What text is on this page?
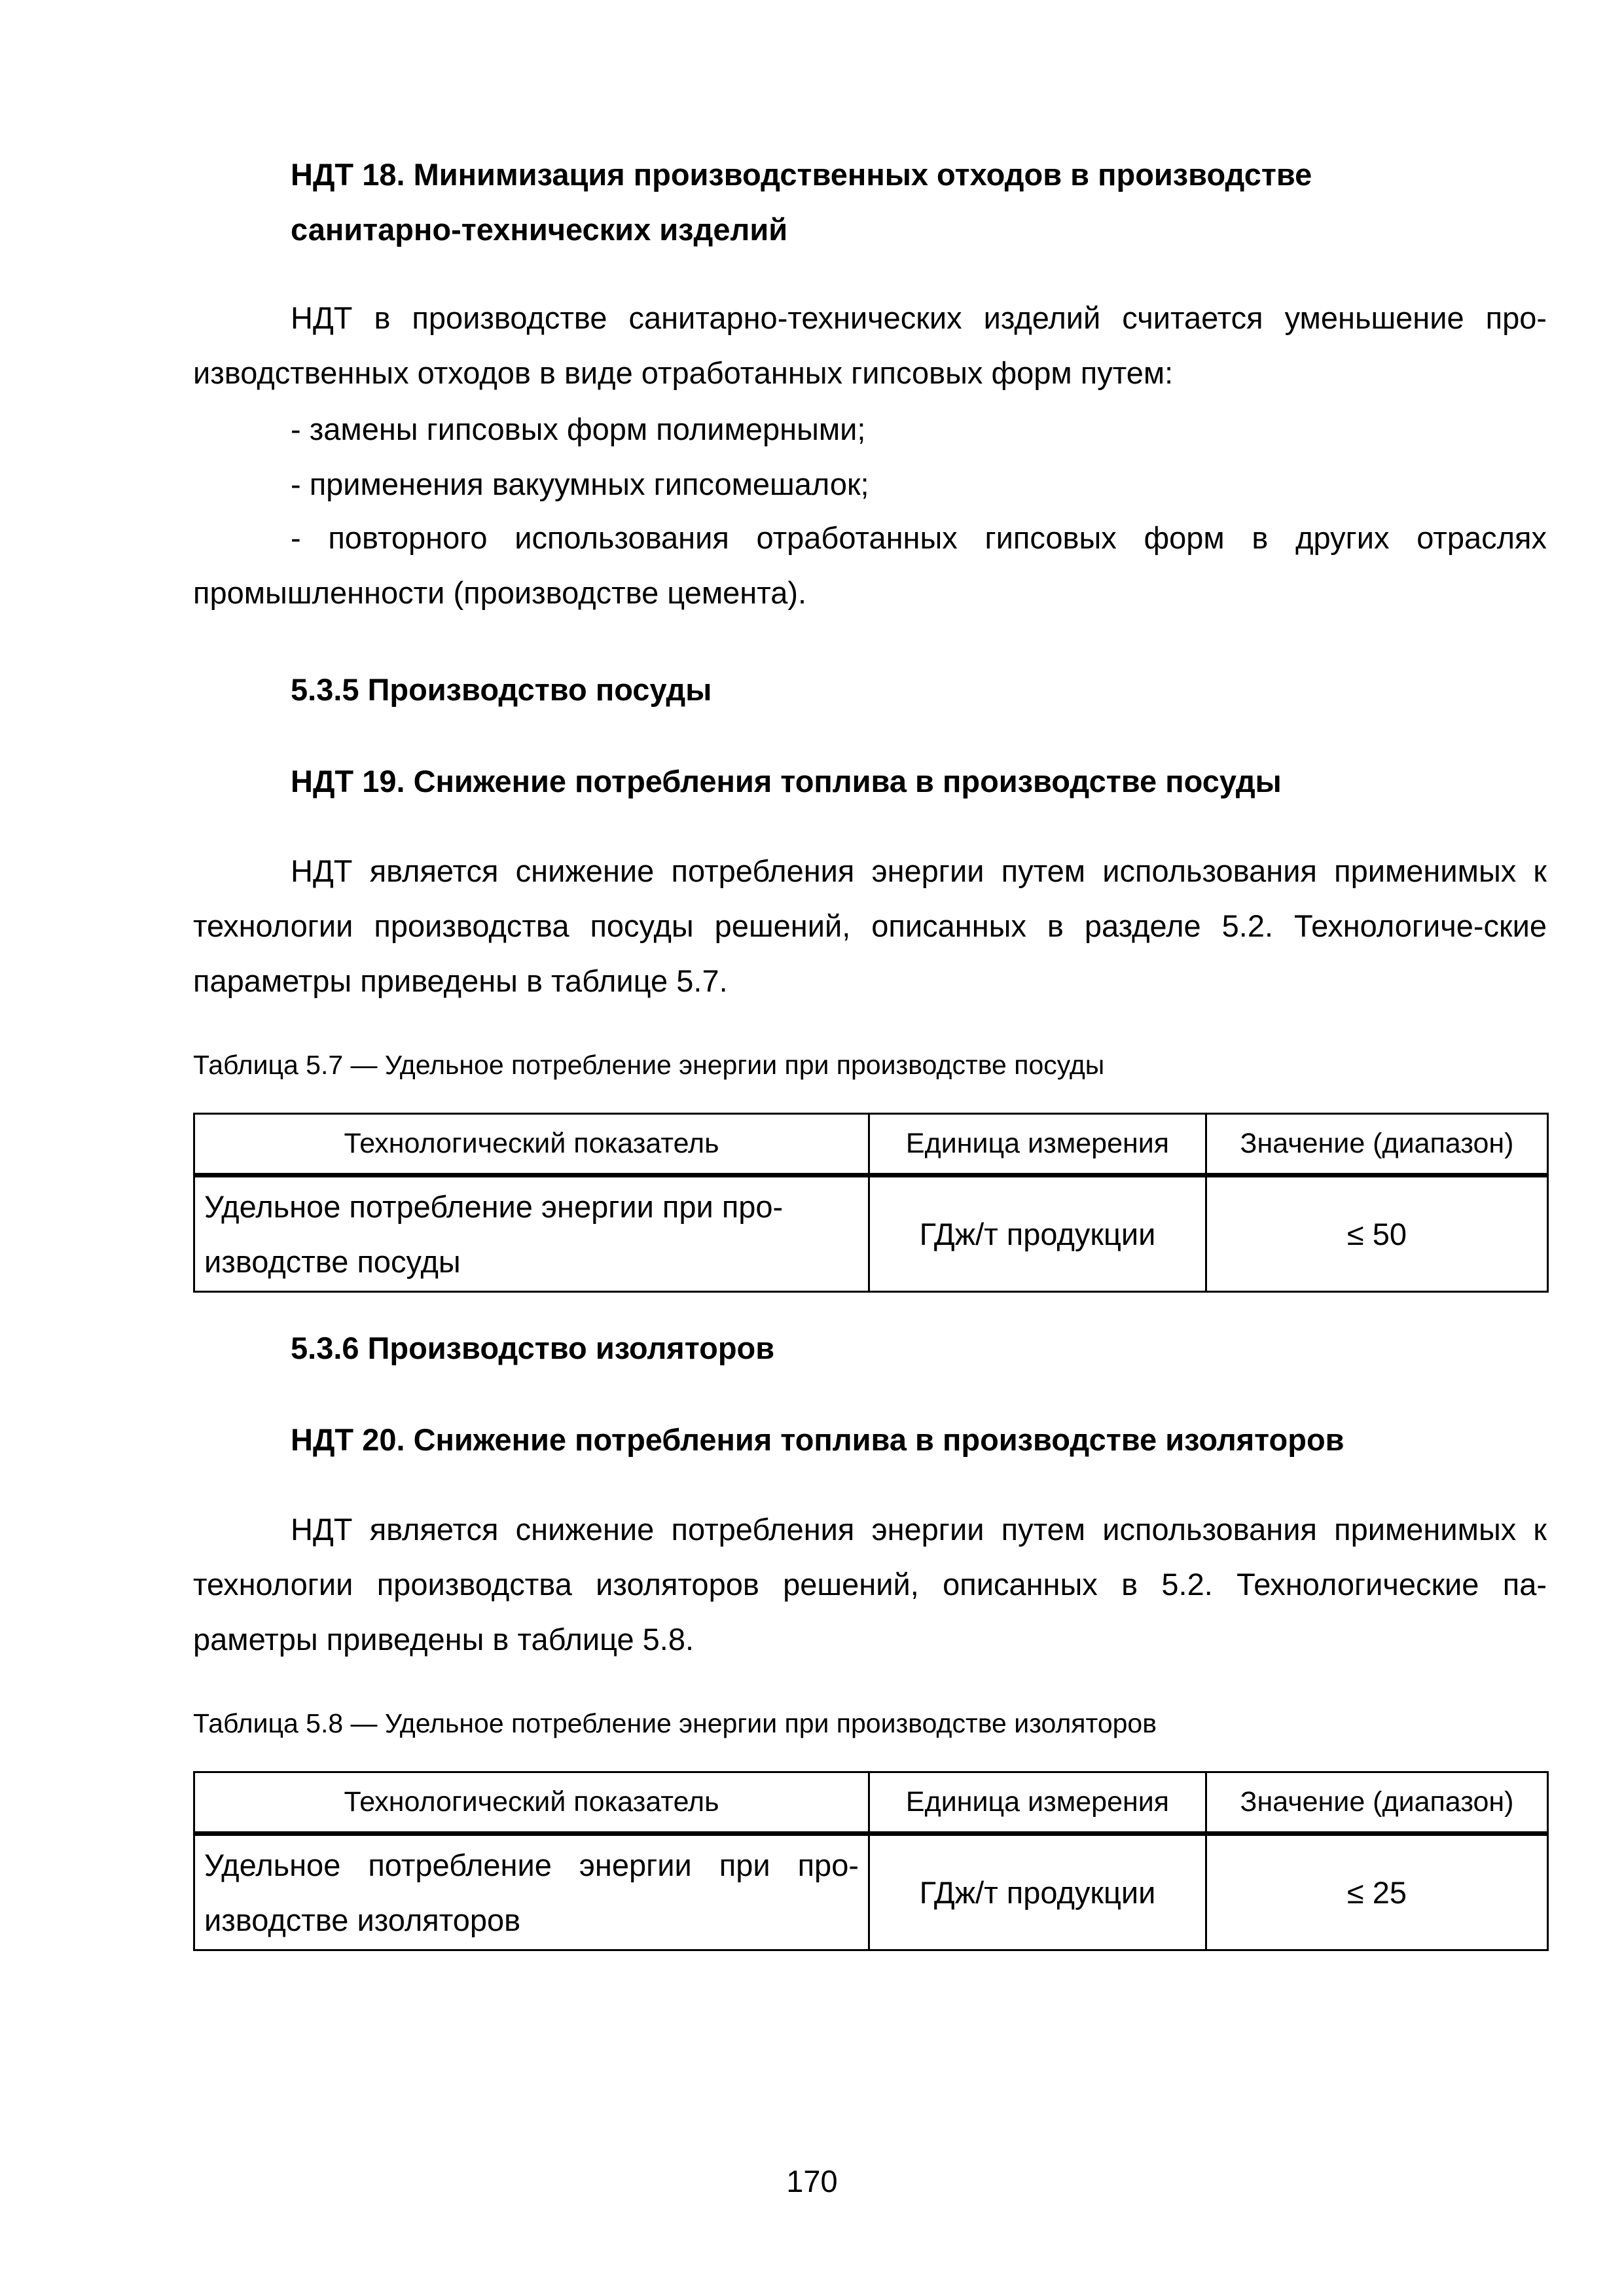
НДТ 18. Минимизация производственных отходов в производстве
санитарно-технических изделий
НДТ в производстве санитарно-технических изделий считается уменьшение про-изводственных отходов в виде отработанных гипсовых форм путем:
- замены гипсовых форм полимерными;
- применения вакуумных гипсомешалок;
- повторного использования отработанных гипсовых форм в других отраслях промышленности (производстве цемента).
5.3.5 Производство посуды
НДТ 19. Снижение потребления топлива в производстве посуды
НДТ является снижение потребления энергии путем использования применимых к технологии производства посуды решений, описанных в разделе 5.2. Технологиче-ские параметры приведены в таблице 5.7.
Таблица 5.7 — Удельное потребление энергии при производстве посуды
Технологический показатель	Единица измерения	Значение (диапазон)
Удельное потребление энергии при про-изводстве посуды	ГДж/т продукции	≤ 50
5.3.6 Производство изоляторов
НДТ 20. Снижение потребления топлива в производстве изоляторов
НДТ является снижение потребления энергии путем использования применимых к технологии производства изоляторов решений, описанных в 5.2. Технологические па-раметры приведены в таблице 5.8.
Таблица 5.8 — Удельное потребление энергии при производстве изоляторов
Технологический показатель	Единица измерения	Значение (диапазон)
Удельное потребление энергии при про-изводстве изоляторов	ГДж/т продукции	≤ 25
170
